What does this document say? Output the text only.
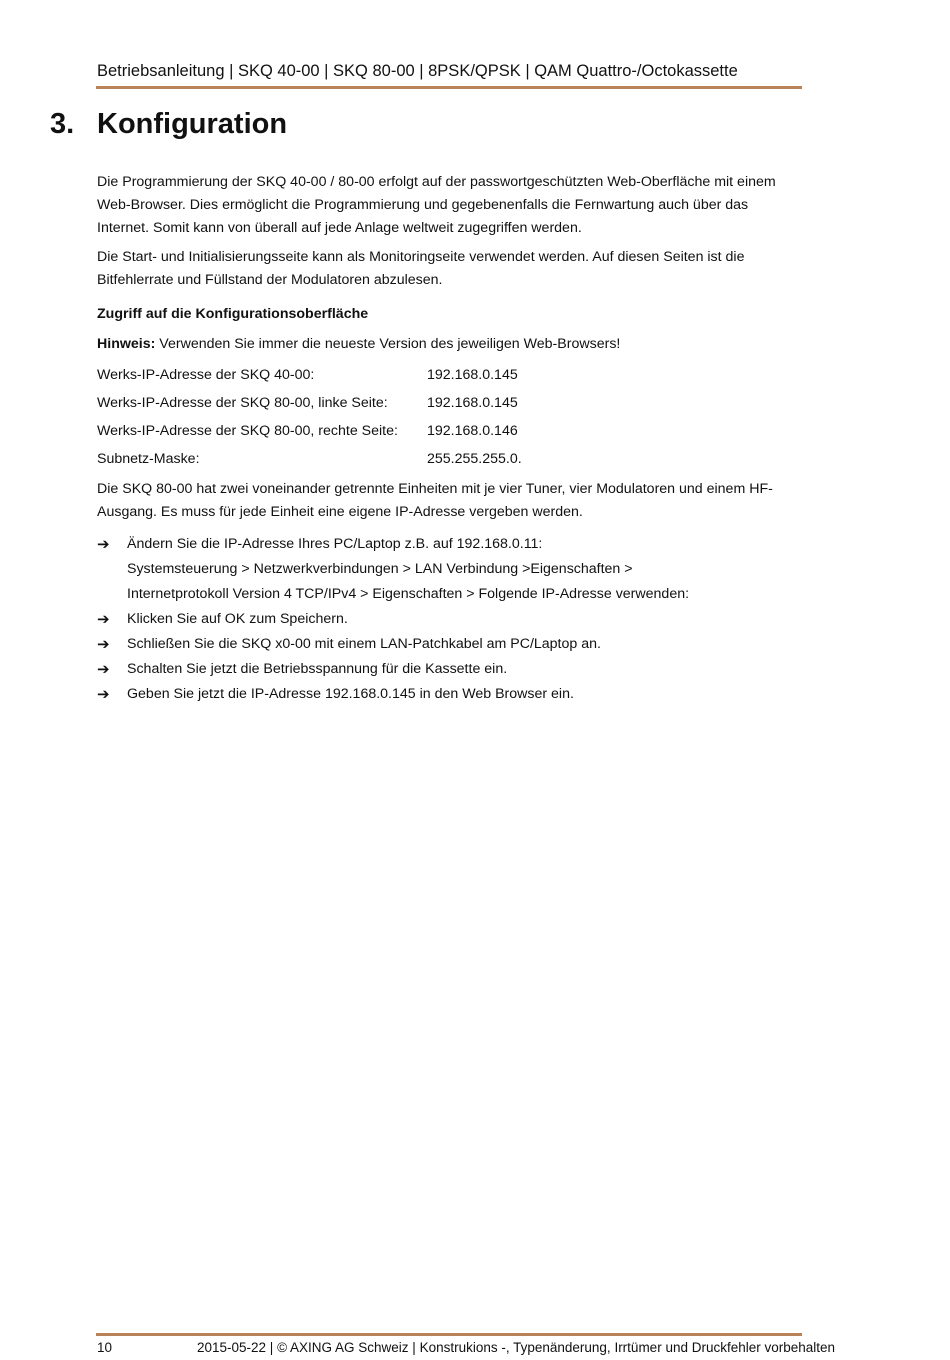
Betriebsanleitung | SKQ 40-00 | SKQ 80-00 | 8PSK/QPSK | QAM Quattro-/Octokassette
3. Konfiguration

Die Programmierung der SKQ 40-00 / 80-00 erfolgt auf der passwortgeschützten Web-Oberfläche mit einem Web-Browser. Dies ermöglicht die Programmierung und gegebenenfalls die Fernwartung auch über das Internet. Somit kann von überall auf jede Anlage weltweit zugegriffen werden.

Die Start- und Initialisierungsseite kann als Monitoringseite verwendet werden. Auf diesen Seiten ist die Bitfehlerrate und Füllstand der Modulatoren abzulesen.

Zugriff auf die Konfigurationsoberfläche
Hinweis: Verwenden Sie immer die neueste Version des jeweiligen Web-Browsers!
Werks-IP-Adresse der SKQ 40-00:	192.168.0.145
Werks-IP-Adresse der SKQ 80-00, linke Seite:	192.168.0.145
Werks-IP-Adresse der SKQ 80-00, rechte Seite:	192.168.0.146
Subnetz-Maske:	255.255.255.0.

Die SKQ 80-00 hat zwei voneinander getrennte Einheiten mit je vier Tuner, vier Modulatoren und einem HF-Ausgang. Es muss für jede Einheit eine eigene IP-Adresse vergeben werden.

➔	Ändern Sie die IP-Adresse Ihres PC/Laptop z.B. auf 192.168.0.11:
Systemsteuerung > Netzwerkverbindungen > LAN Verbindung >Eigenschaften >
Internetprotokoll Version 4 TCP/IPv4 > Eigenschaften > Folgende IP-Adresse verwenden:
➔	Klicken Sie auf OK zum Speichern.
➔	Schließen Sie die SKQ x0-00 mit einem LAN-Patchkabel am PC/Laptop an.
➔	Schalten Sie jetzt die Betriebsspannung für die Kassette ein.
➔	Geben Sie jetzt die IP-Adresse 192.168.0.145 in den Web Browser ein.
10	2015-05-22 | © AXING AG Schweiz | Konstrukions -, Typenänderung, Irrtümer und Druckfehler vorbehalten
